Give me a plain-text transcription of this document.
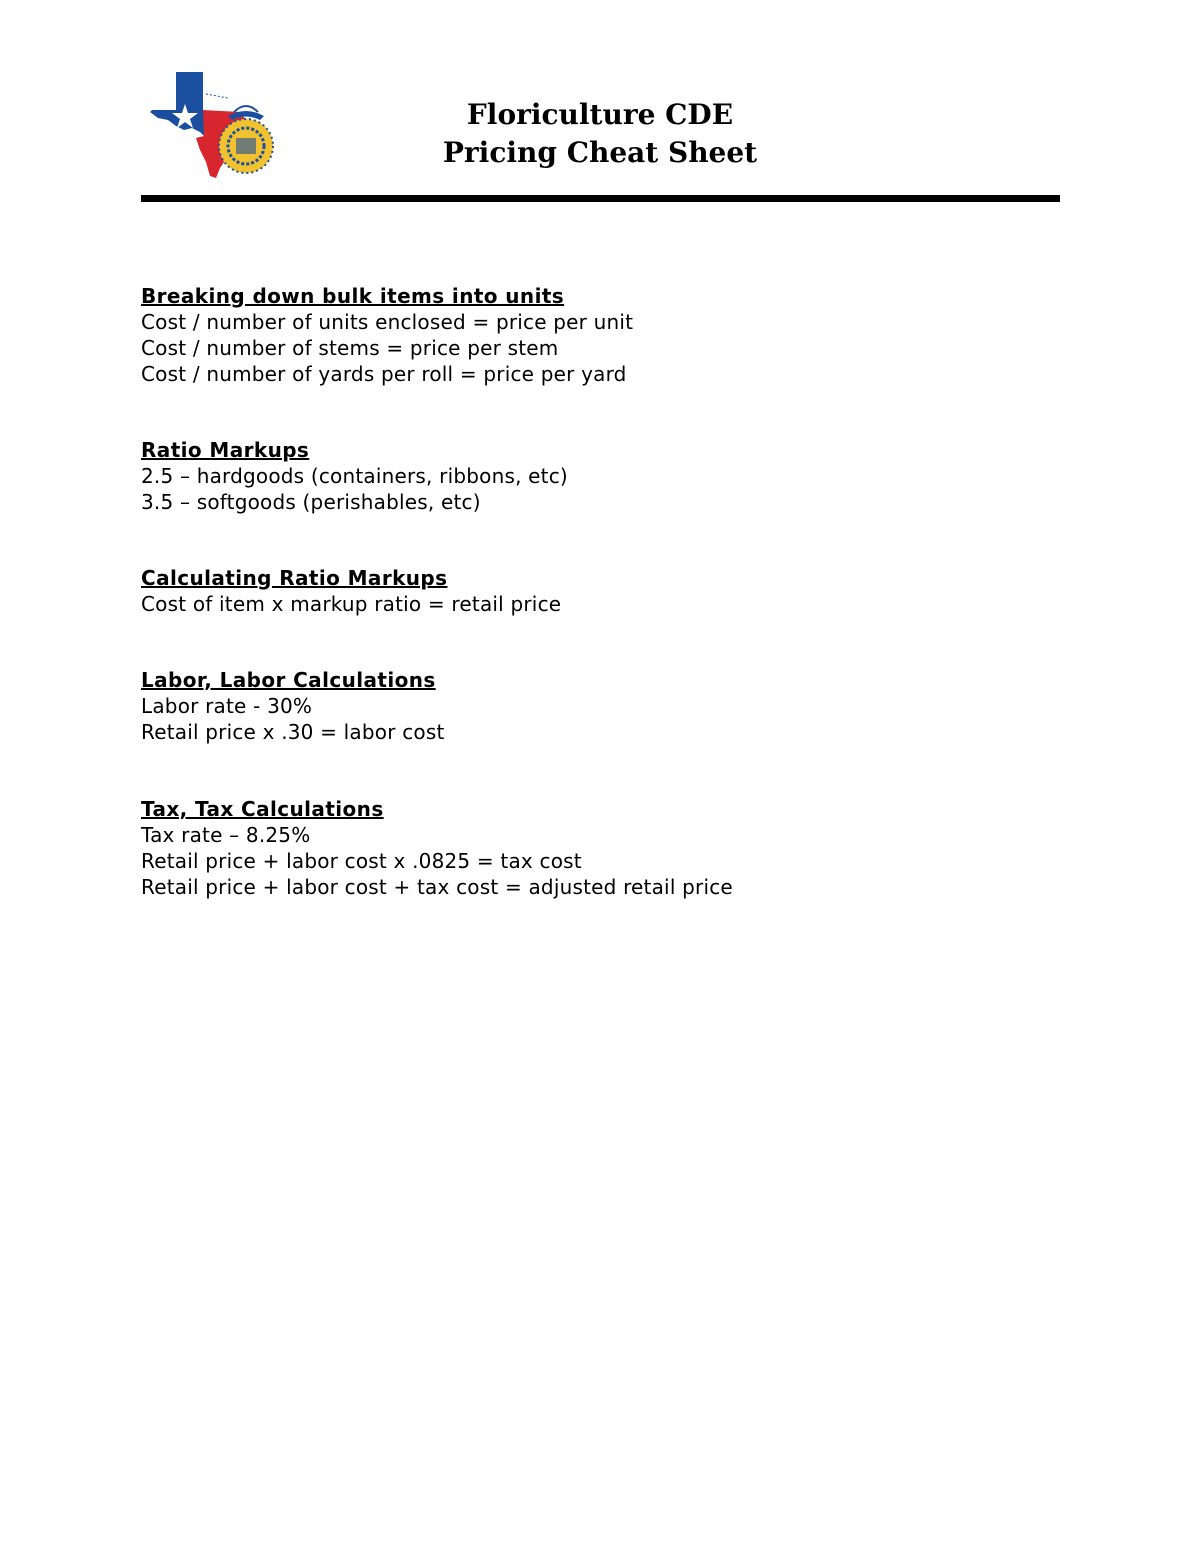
Floriculture CDE
Pricing Cheat Sheet

Breaking down bulk items into units

Cost / number of units enclosed = price per unit

Cost / number of stems = price per stem

Cost / number of yards per roll = price per yard

Ratio Markups

2.5 – hardgoods (containers, ribbons, etc)

3.5 – softgoods (perishables, etc)

Calculating Ratio Markups

Cost of item x markup ratio = retail price

Labor, Labor Calculations

Labor rate - 30%

Retail price x .30 = labor cost

Tax, Tax Calculations

Tax rate – 8.25%

Retail price + labor cost x .0825 = tax cost

Retail price + labor cost + tax cost = adjusted retail price
